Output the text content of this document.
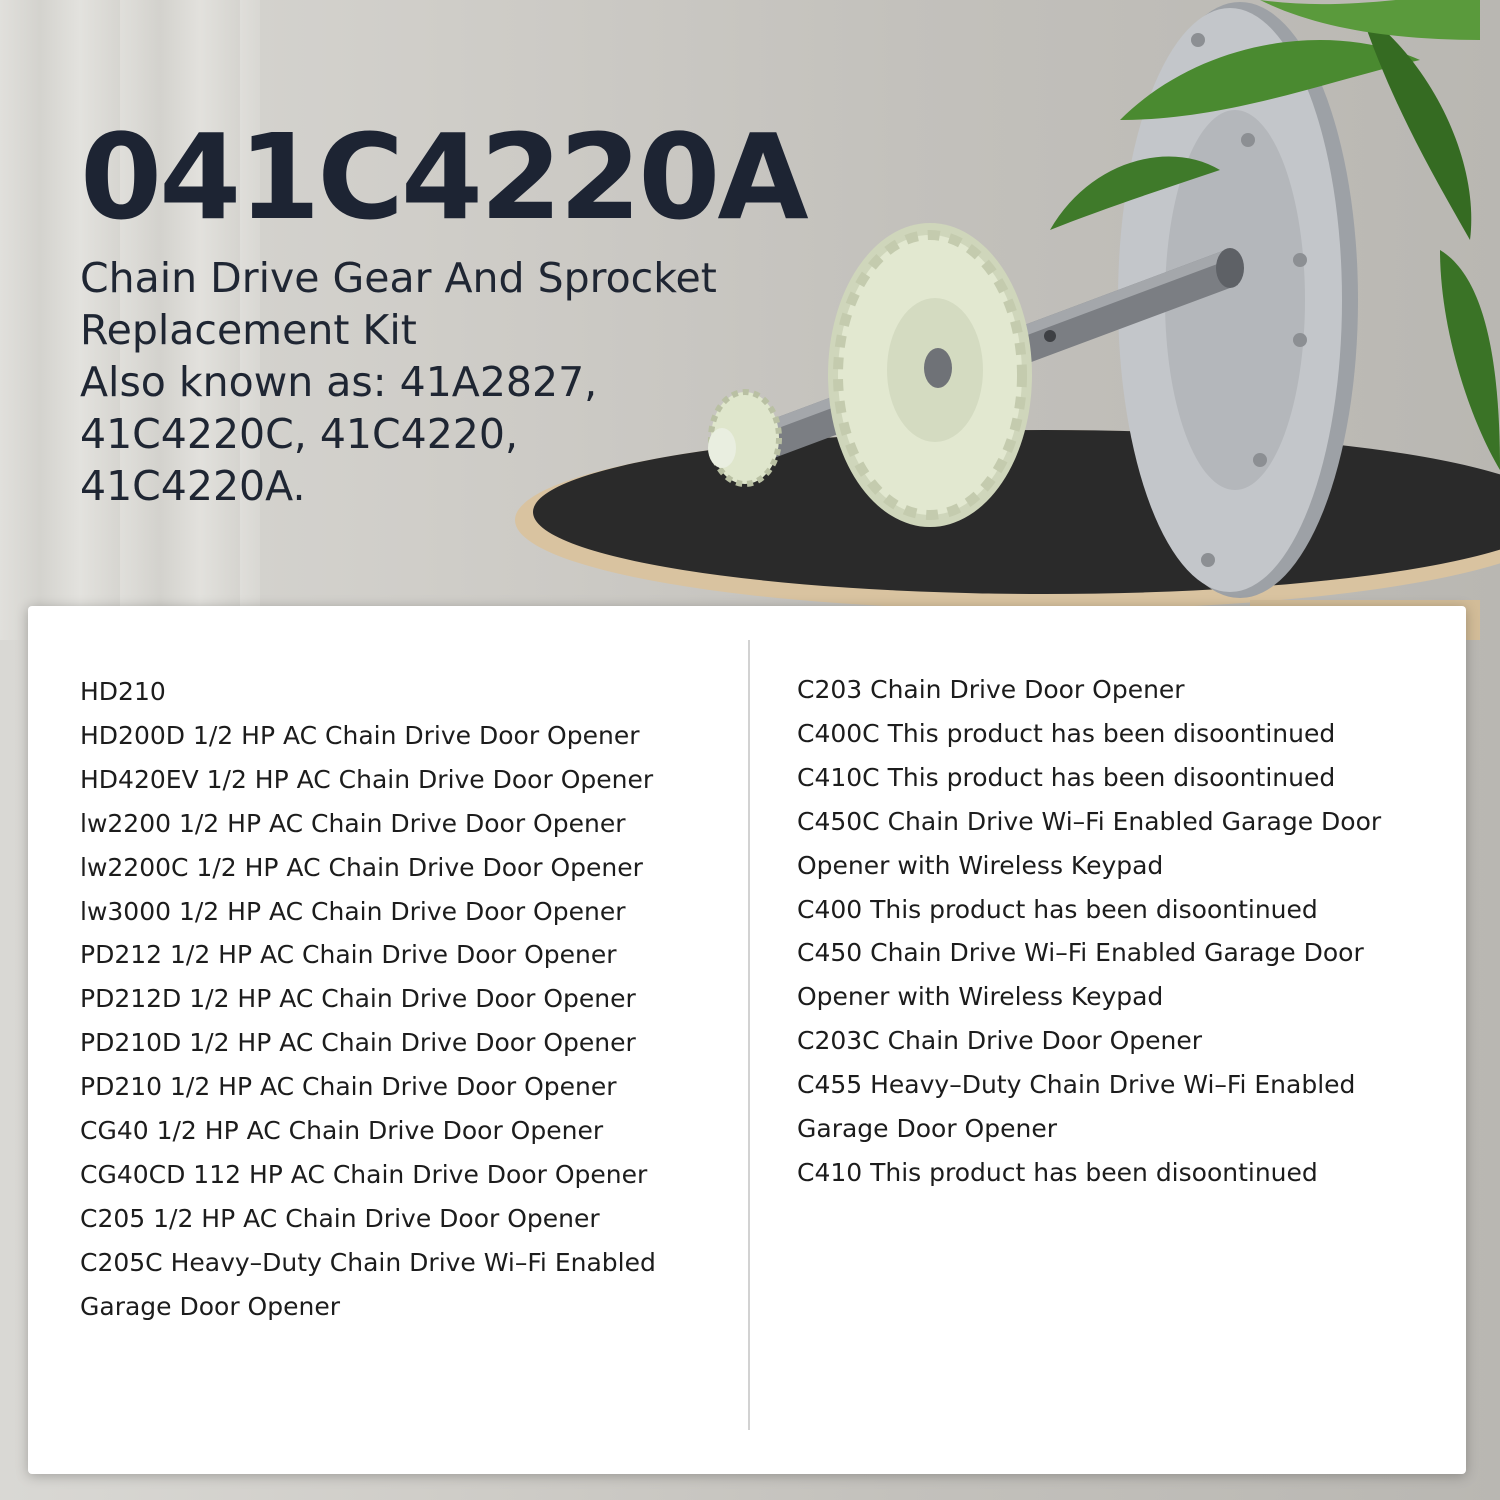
041C4220A

Chain Drive Gear And Sprocket
Replacement Kit
Also known as: 41A2827,
41C4220C, 41C4220,
41C4220A.

HD210
HD200D 1/2 HP AC Chain Drive Door Opener
HD420EV 1/2 HP AC Chain Drive Door Opener
lw2200 1/2 HP AC Chain Drive Door Opener
lw2200C 1/2 HP AC Chain Drive Door Opener
lw3000 1/2 HP AC Chain Drive Door Opener
PD212 1/2 HP AC Chain Drive Door Opener
PD212D 1/2 HP AC Chain Drive Door Opener
PD210D 1/2 HP AC Chain Drive Door Opener
PD210 1/2 HP AC Chain Drive Door Opener
CG40 1/2 HP AC Chain Drive Door Opener
CG40CD 112 HP AC Chain Drive Door Opener
C205 1/2 HP AC Chain Drive Door Opener
C205C Heavy–Duty Chain Drive Wi–Fi Enabled
Garage Door Opener
C203 Chain Drive Door Opener
C400C This product has been disoontinued
C410C This product has been disoontinued
C450C Chain Drive Wi–Fi Enabled Garage Door
Opener with Wireless Keypad
C400 This product has been disoontinued
C450 Chain Drive Wi–Fi Enabled Garage Door
Opener with Wireless Keypad
C203C Chain Drive Door Opener
C455 Heavy–Duty Chain Drive Wi–Fi Enabled
Garage Door Opener
C410 This product has been disoontinued
